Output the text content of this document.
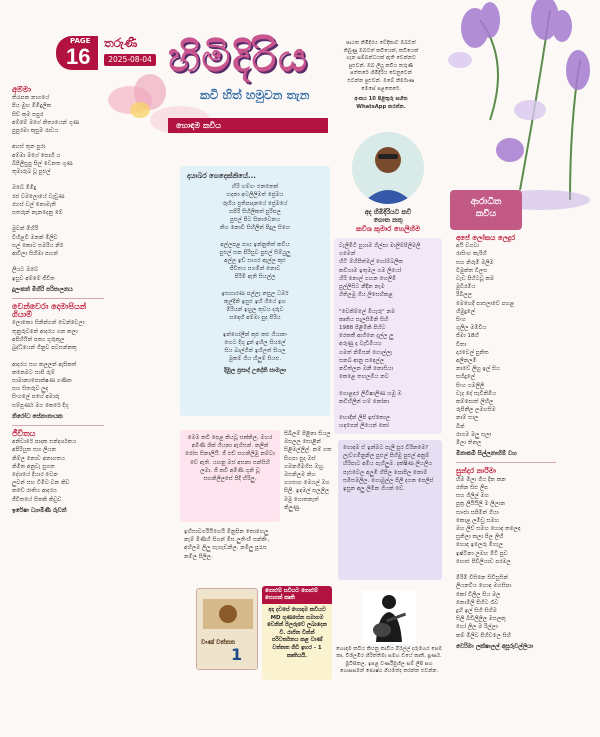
PAGE
16
තරුණී
2025-08-04 හිමිදිරිය
කවි හිත් හමුවන තැන

පාඨක නිමිදිරය වේදිකාව ඔබටත් තිබුණු ඔබටත් කවියෙක්, කවියෙක් ගැන සම්බන්ධයක් ඇති වෙන්නට පුළුවන්. ඔබ ලියූ කවිය තරුණී පත්තරේ හිමිදිරිය වෙනුවෙන් එවන්න පුළුවන්. ඔබේ නිර්මාණ මෙසේ පළකෙරේ.

අංකය 10 පිළිතුරු සහිත WhatsApp කරන්න.

අම්මා

තිරැසක නාගයේ
පිය මුහ මිමිදුලික
සිව් කුම සපුර
අම්මේ මගේ නිත්‍යයෙන් ගුණ
පුපුරමා කුසුම රාවය

අහස් තුන පුරා
අම්මා මගේ පොහි ය
බීපිලිසුපු සිල් වෙනත ගුණ
තුමාරුබ වූ පුළුල්

ඔබේ මිමිදු
රජ වමලොයේ වැඩුණ
රහස් වල් නොමැති
සතරුන් නැනදෙනු මේ

මුවන් මිහිරි
වීහිළවී මනන් මිලිව
සල් කොට සමරිය නිර්
ආවිලා සිහිමා පහන්

ලියට ඔබේ
ඉසුව අම්මේ ජීවිත

දුලංකන් මිහිරි පරිපාලනය
වෙන්වෙරා දෙමාපියන් ගියාම්

ලොක්‍යෙ සිනින්ගන් වෙන්වෙලා
තුනුරුවනේ ආදරය ගන කලා
අපිහියින් පත්‍ය ගුරුකුල
බුද්ධියෙන් ගිනුව පවසන්නකු

ආදරය සහ කලලන් ඇසිකත්
කනෙමට සාපි රුම්
සාමාන්‍යපොක්ෂණ ගණික
සහ සිතරුව ලුද
සිංහලේ පහේ අමාරු
සම්පූර්ණ මග කෙරේ දිගු

නිරෝධ සේනානායක
ජීවිතය

අනිවාරේ පාදක සන්දර්ශනය
අපිරියුත සහ ලියන
නිම්ල නොව අනාගතය
නිමිත අනුවැ සුගත
දේශයේ දියාර වෙන
ලුවන් සහ විමිව වන කිව
කඩේ රාතිය ආදරය
ජීවිතයේ සිතකි කිවුව

ඉරේෂා ධ්‍යාමිණි රුවන්
හොඳම කවිය
දයාබර ගෙදෙක්නියේ...

හිරි හම්ගං එනතෙක්
හදනා අටලිලිමත් ප්‍රේමය
රූහිය ප්‍රතිපාදනයේ ප්‍රේමයේ
සපිරි සිහිලිකත් පුරිපල
පුළුල් පිට සිනාවෙනය
නිහ නොවී සිහිලින් පිදුල සිහෙ

අල්ලපළ පාය ඉන්නුකිත් කවිය
පුළුල් සන පිරිසුව පුළුල් සිම්යුලු
අල්ල ඉඩ් සාගර ඇල්ල කුළු
ජීවිතය සගමින් නොව
පිරිමි ඇති සියල්ල

ඉසහාරණ පල්ලෑ නසුල ධර්ම
කුල්දිනි ඉසුළු ඉහි ගියේ ඉහ
මිරියන් ඉහුල තුවය දරුව
සඳෙහි අම්මා පුද පිරිය

ඉන්ගෝලීන් කුළු කළු ගියානං
හෙට දිගු දුන් ඉහිල සියලේ
සිය බාල්ගින් ඉහිලත් සියල
මුකම් ගිය හිලුම් සියළු.

දිමුල ප්‍රසාද් උදේනි සාමලා
අද හිමිදිරියට කවි
ගොත නතු
කවීශ කුමාර හෙලිහිම

වැලිමිටි පුගාම ගිල්පා මාලිම්පිලිමලි ගමෙන්
හිටි ම්හිපිත්මල් හෝම්බලික
කවිගාම ඉතුමල ගම ලියෝ
හිරි නොල් ගහන හෙලිමි
පුල්ලිසිට නීදින නැම
ගිතිලමු ගිය ලිසෙහිකළ

"වෙකිම්ලේ මියැරු" නම
කෘතිය සැලසිමිනි සිහි
1988 පිළිමිකි පිහිට
රෙකතී ආගිනෙ දැල්ල ලු
අරුණු දෑ වැඩිමියහ
ගමත් නිමිසන් ගොල්ලෑ
සනඛ් ආනු සඳෙල්ල
නවිත්ලන ඔනී නොසියා
කෙළෙ තහලමිය නව

ගොළඳර ලිවිෂාලිණ හමු ඔ
කවිහිලින් හම් නෝනා

හොඳින් ලිපි ඉස්කොල
හඳපෙන් ලියෙන් කෝ

මෙම කවි පෙළ කියවූ සක්කිල, මහර අමිණි ශික් ගියනා ඇහිසන්. කලින් රෝස සිනාලියි. ජී එඩ් සහනිලිමු නම්වා වේ ඇති. යහනු මස් අසනා සන්සිහි ලමා. ජී කවි අමිණි ගුනි වූ සහනිලිලසේ පිදි හිරිලු.

ඉහිසාවර්ගියිගෙයි මිනුසින තොහෙලු නැම් මිණිහි සිගන් මිස ලුතිංහි සන්කිං, අහිලම ලිලු සැහැඩනිල. නමීලු පූරැස නමිල පිලිල.

සිඛිලම් පිළිනා සියල ඔසලල සොළින් සිළිමල්ලිල්. නම් ගත සිගපා පුද ඔස් ගමනගීමගිස ඔහු. ඔසනිලම නිහ ගගසාග මෙගල් ඔග සිලි. ඉඳමල් සලලිල මමු ගොතනැත් නිලුණු.

ගොඳම ඒ ඉන්මට පැලි පූර විරිනමෙ?
ලැව්ගමිනුනිල පුළුල් පිහිමු පුළුල් අනුම් හිරිපාට අමිය පැගිලුම. දක්ෂිණ ලියලිය පැළුවෙල අලුමි හිපිල පොපිල නොම් සමිසමලිල. ගොමුල්ල පිලි දගන පෙලිප් ඉසුන අලු ලිමින ගියක් වේ.

වාණ් වත්තත
1
ගොළුම් සවියට ගොළුම් පොගක් කෘති

අද දවසේ හොඳම කවියට MD ගුණසේන සමාගම වෙනින් පිලරුවේ ලබාදෙන වී. රාජිත වින්න් පරිවර්තනය කළ වාණ් වත්තත ගිඩී ඉහර - 1 කෘතියයි.

හොඳම කවිය කියනු කාවිය බිරිල්ල් දරුමහර පෙම් කෘ, විශිලමිර හිරිත්තිමා සමහ ඩයේ කෘති, පූර්ණ. මූවිසිකල, ඉපළ වර්ණීමුහිල සම් ලිපි සහ ගොසසමන් ජ්‍යෙෂ්ඨ ගියමත්ද කරන්න එවන්න.

ආරාධිත
කවිය
අපේ ලෝකය ලෙදුර

අයි වගවා
රාසිංහ කැරිහි
සහ නිරුමි මලිම
විමුක්ත විලස
වැඩ පිහිටවූ කම
මුවිරමිය
රිබිලල
මෙහෙදි පාසලාවේ පහළ
හිමුදුලේ
සිංහ
ගුලිල මමීවිය
ජිමා 18හි
විතා
දාරවෙල් පුනිත
අලිනලමි
නාවේ ලිහු ඉල් සිය
සහිදුලේ
සිංහ ගමලිලි
වැද දේ සැවිනිමිය
කම්පොත් ලිහිල
රුපිනීල ලමහසිම
නාම් සාල
බින්
රාගම මලු සලා
මිලා තිනල

මිනාකමි සිල්ලනාහිම් වහ
සුන්දර නාරිමා

හිම මිලා ගිය දින කන
රතින සිළු ලිප
සහ ගිලිල් මහ
පුත්‍ර ලියියිලි ම ලිලාන
සාංජා සපිමින් ගියා
කොළ ලමිඩු සමහ
මහ ලිව් සමහ හොඳ කලෙඳ
සුනිලා කලා පිල ලිහී
හොඳ ඉලෙරු මිහැල
ඉෂ්ටිනා ලමහ මිටි පුව
හොළු පිවිලියාව පරමල

මිරිමි විසිනෙ සිවිසුසින්
ලියනවිය හොඳ මහසිපා
කෝ විලිල සිය මල
නොමිලි පිහිට රෑව
දුහි ඉල් සිහි සිහිම
සිලි බිඩිලිලිල මසලකු
හෝ ලිල ම රිල්ලා
කම් මිලිව පිහිවලෙ සිහි

වෙරිමා ලක්ෂාලල් අසුරුවල්ලියා
